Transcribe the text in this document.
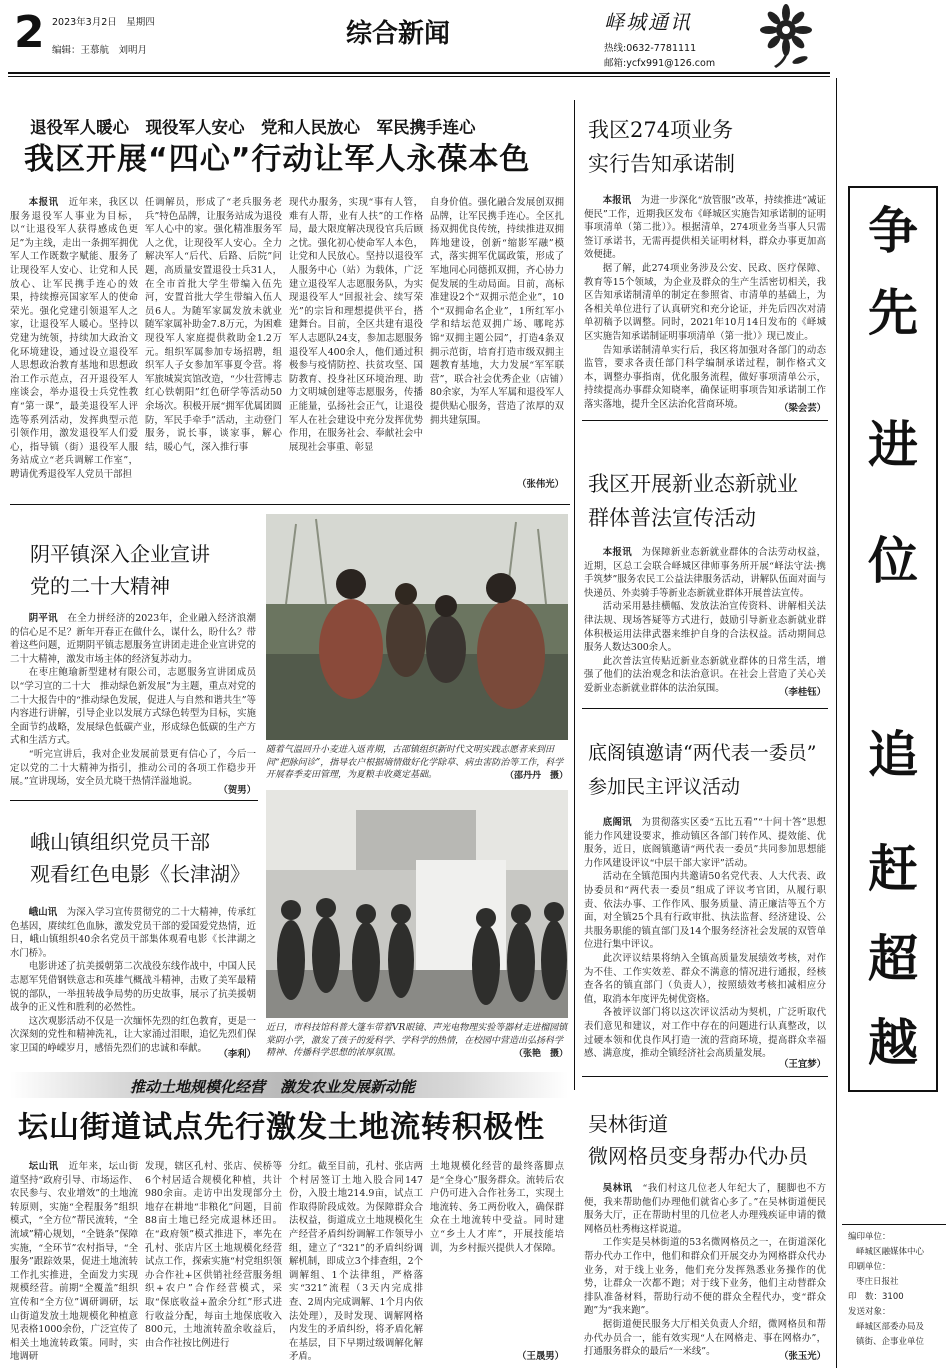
2 2023年3月2日　星期四
编辑：王慕航　刘明月
综合新闻	峄城通讯
热线:0632-7781111
邮箱:ycfx991@126.com
退役军人暖心　现役军人安心　党和人民放心　军民携手连心
我区开展“四心”行动让军人永葆本色

本报讯　 近年来，我区以服务退役军人事业为目标，以“让退役军人获得感成色更足”为主线，走出一条拥军拥优军人工作既数字赋能、服务了让现役军人安心、让党和人民放心、让军民携手连心的效果，持续擦亮国家军人的使命荣光。强化党建引领退军人之家，让退役军人暖心。坚持以党建为统领，持续加大政治文化环境建设，通过设立退役军人思想政治教育基地和思想政治工作示范点，召开退役军人座谈会，举办退役士兵党性教育“第一课”，最美退役军人评选等系列活动，发挥典型示范引领作用，激发退役军人们爱心，指导镇（街）退役军人服务站成立“老兵调解工作室”，聘请优秀退役军人党员干部担

任调解员，形成了“老兵服务老兵”特色品牌，让服务站成为退役军人心中的家。强化精准服务军人之优，让现役军人安心。全力解决军人“后代、后路、后院”问题，高质量安置退役士兵31人，在全市首批大学生带编入伍先河，安置首批大学生带编入伍人员6人。为随军家属发放未就业随军家属补助金7.8万元，为困难现役军人家庭提供救助金1.2万元。组织军属参加专场招聘，组织军人子女参加军事夏令营。将军旅城炭宾馆改造，“少壮营博志 红心铁朝阳”红色研学等活动50余场次。积极开展“拥军优属团圆防，军民手牵手”活动，主动登门服务，说长事，谈家事，解心结，暖心气，深入推行事
现代办服务，实现“事有人管，难有人帮，业有人扶”的工作格局，最大限度解决现役官兵后顾之忧。强化初心使命军人本色，让党和人民放心。坚持以退役军人服务中心（站）为载体，广泛建立退役军人志愿服务队，为实现退役军人“回报社会、续写荣光”的宗旨和理想提供平台，搭建舞台。目前，全区共建有退役军人志愿队24支，参加志愿服务退役军人400余人，他们通过积极参与疫情防控、扶贫攻坚、国防教育、投身社区环境治理、助力文明城创建等志愿服务，传播正能量，弘扬社会正气，让退役军人在社会建设中充分发挥优势作用，在服务社会、奉献社会中展现社会事重、彰显
自身价值。强化融合发展创双拥品牌，让军民携手连心。全区扎扬双拥优良传统，持续推进双拥阵地建设，创新“缩影军融”模式，落实拥军优属政策，形成了军地同心同德抓双拥，齐心协力促发展的生动局面。目前，高标准建设2个“双拥示范企业”，10个“双拥命名企业”，1所红军小学和结坛范双拥广场、哪咤苏锦“双拥主题公园”，打造4条双拥示范街，培育打造市级双拥主题教育基地，大力发展“军军联营”，联合社会优秀企业（店铺）80余家，为军人军属和退役军人提供贴心服务，营造了浓厚的双拥共建氛围。
（张伟光）
阴平镇深入企业宣讲
党的二十大精神

阴平讯　 在全力拼经济的2023年，企业融入经济浪潮的信心足不足？新年开春正在做什么，谋什么，盼什么？带着这些问题，近期阴平镇志愿服务宣讲团走进企业宣讲党的二十大精神，激发市场主体的经济复苏动力。

在枣庄鲍瑜新型建材有限公司，志愿服务宣讲团成员以“学习宣的二十大　推动绿色新发展”为主题，重点对党的二十大报告中的“推动绿色发展，促进人与自然和谐共生”等内容进行讲解，引导企业以发展方式绿色转型为目标，实施全面节约战略，发展绿色低碳产业，形成绿色低碳的生产方式和生活方式。

“听完宣讲后，我对企业发展前景更有信心了，今后一定以党的二十大精神为指引，推动公司的各项工作稳步开展。”宣讲现场，安全员尤晓干热情洋溢地说。

（贺男）
随着气温回升小麦进入返青期，古邵镇组织新时代文明实践志愿者来到田间“把脉问诊”，指导农户根据墒情做好化学除草、病虫害防治等工作，科学开展春季麦田管理，为夏粮丰收奠定基础。	（邵丹丹　摄）
峨山镇组织党员干部
观看红色电影《长津湖》

峨山讯　 为深入学习宣传贯彻党的二十大精神，传承红色基因，赓续红色血脉，激发党员干部的爱国爱党热情，近日，峨山镇组织40余名党员干部集体观看电影《长津湖之水门桥》。

电影讲述了抗美援朝第二次战役东线作战中，中国人民志愿军凭借钢铁意志和英雄气概战斗精神，击败了美军最精锐的部队，一举扭转战争局势的历史故事，展示了抗美援朝战争的正义性和胜利的必然性。

这次观影活动不仅是一次缅怀先烈的红色教育，更是一次深刻的党性和精神洗礼，让大家涌过泪眼，追忆先烈们保家卫国的峥嵘岁月，感悟先烈们的忠诚和奉献。

（李利）
近日，市科技馆科普大篷车带着VR眼镜、声光电物理实验等器材走进榴园镇棠阴小学，激发了孩子的爱科学、学科学的热情，在校园中营造出弘扬科学精神、传播科学思想的浓厚氛围。	（张艳　摄）
推动土地规模化经营　激发农业发展新动能
坛山街道试点先行激发土地流转积极性

坛山讯　 近年来，坛山街道坚持“政府引导、市场运作、农民参与、农业增效”的土地流转原则，实施“全程服务”组织模式，“全方位”帮民流转，“全流域”精心规划，“全链条”保障实施，“全环节”农村指导，“全服务”跟踪效果，促进土地流转工作扎实推进，全面发力实现规模经营。前期“全覆盖”组织宣传和“全方位”调研调研，坛山街道发放土地规模化种植意见表格1000余份，广泛宣传了相关土地流转政策。同时，实地调研

发现，辖区孔村、张店、侯桥等6个村居适合规模化种植，共计980余亩。走访中出发现部分土地存在耕地“非粮化”问题，目前88亩土地已经完成退林还田。在“政府领”模式推进下，率先在孔村、张店片区土地规模化经营试点工作，探索实施“村党组织领办合作社+区供销社经营服务组织+农户”合作经营模式，采取“保底收益+盈余分红”形式进行收益分配，每亩土地保底收入800元，土地流转盈余收益后，由合作社按比例进行
分红。截至目前，孔村、张店两个村居签订土地入股合同147份，入股土地214.9亩，试点工作取得阶段成效。为保障群众合法权益，街道成立土地规模化生产经营矛盾纠纷调解工作领导小组，建立了“321”的矛盾纠纷调解机制，即成立3个排查组，2个调解组、1个法律组，严格落实“321”流程（3天内完成排查、2周内完成调解、1个月内依法处理），及时发现、调解网格内发生的矛盾纠纷，将矛盾化解在基层，目下早期过级调解化解矛盾。
土地规模化经营的最终落脚点是“全身心”服务群众。流转后农户仍可进入合作社务工，实现土地流转、务工两份收入，确保群众在土地流转中受益。同时建立“乡土人才库”，开展技能培训，为乡村振兴提供人才保障。
（王晟男）
我区274项业务
实行告知承诺制

本报讯　 为进一步深化“放管服”改革，持续推进“减证便民”工作，近期我区发布《峄城区实施告知承诺制的证明事项清单（第二批）》。根据清单，274项业务当事人只需签订承诺书，无需再提供相关证明材料，群众办事更加高效便捷。

据了解，此274项业务涉及公安、民政、医疗保障、教育等15个领域，为企业及群众的生产生活密切相关，我区告知承诺制清单的制定在参照省、市清单的基础上，为各相关单位进行了认真研究和充分论证，并先后四次对清单初稿予以调整。同时，2021年10月14日发布的《峄城区实施告知承诺制证明事项清单（第一批）》现已废止。

告知承诺制清单实行后，我区将加强对各部门的动态监管，要求各责任部门科学编制承诺过程，制作格式文本，调整办事指南，优化服务流程，做好事项清单公示，持续提高办事群众知晓率，确保证明事项告知承诺制工作落实落地，提升全区法治化营商环境。	（梁会芸）
我区开展新业态新就业
群体普法宣传活动

本报讯　 为保障新业态新就业群体的合法劳动权益，近期，区总工会联合峄城区律师事务所开展“峄法守法·携手筑梦”服务农民工公益法律服务活动，讲解队伍面对面与快递员、外卖骑手等新业态新就业群体开展普法宣传。

活动采用悬挂横幅、发放法治宣传资料、讲解相关法律法规、现场答疑等方式进行，鼓励引导新业态新就业群体积极运用法律武器来维护自身的合法权益。活动期间总服务人数达300余人。

此次普法宣传贴近新业态新就业群体的日常生活，增强了他们的法治观念和法治意识。在社会上营造了关心关爱新业态新就业群体的法治氛围。	（李桂钰）
底阁镇邀请“两代表一委员”
参加民主评议活动

底阁讯　 为贯彻落实区委“五比五看”“十问十答”思想能力作风建设要求，推动镇区各部门转作风、提效能、优服务，近日，底阁镇邀请“两代表一委员”共同参加思想能力作风建设评议“中层干部大家评”活动。

活动在全镇范围内共邀请50名党代表、人大代表、政协委员和“两代表一委员”组成了评议考官团，从履行职责、依法办事、工作作风、服务质量、清正廉洁等五个方面，对全镇25个具有行政审批、执法监督、经济建设、公共服务职能的镇直部门及14个服务经济社会发展的双管单位进行集中评议。

此次评议结果将纳入全镇高质量发展绩效考核，对作为不佳、工作实效差、群众不满意的情况进行通报，经核查各名的镇直部门（负责人），按照绩效考核扣减相应分值，取消本年度评先树优资格。

各被评议部门将以这次评议活动为契机，广泛听取代表们意见和建议，对工作中存在的问题进行认真整改，以过硬本领和优良作风打造一流的营商环境，提高群众幸福感、满意度，推动全镇经济社会高质量发展。

（王宜梦）
吴林街道
微网格员变身帮办代办员

吴林讯　 “我们村这几位老人年纪大了，腿脚也不方便，我来帮助他们办理他们就省心多了。”在吴林街道便民服务大厅，正在帮助村里的几位老人办理残疾证申请的微网格员杜秀梅这样说道。

工作实是吴林街道的53名微网格员之一，在街道深化帮办代办工作中，他们和群众们开展交办为网格群众代办业务，对于线上业务，他们充分发挥熟悉业务操作的优势，让群众一次都不跑；对于线下业务，他们主动替群众排队准备材料，帮助行动不便的群众全程代办，变“群众跑”为“我来跑”。

据街道便民服务大厅相关负责人介绍，微网格员和帮办代办员合一，能有效实现“人在网格走、事在网格办”，打通服务群众的最后“一米线”。	（张玉光）
争
先
进
位
追
赶
超
越
编印单位：
峄城区融媒体中心
印刷单位：
枣庄日报社
印　数：3100
发送对象：
峄城区部委办局及
镇街、企事业单位
